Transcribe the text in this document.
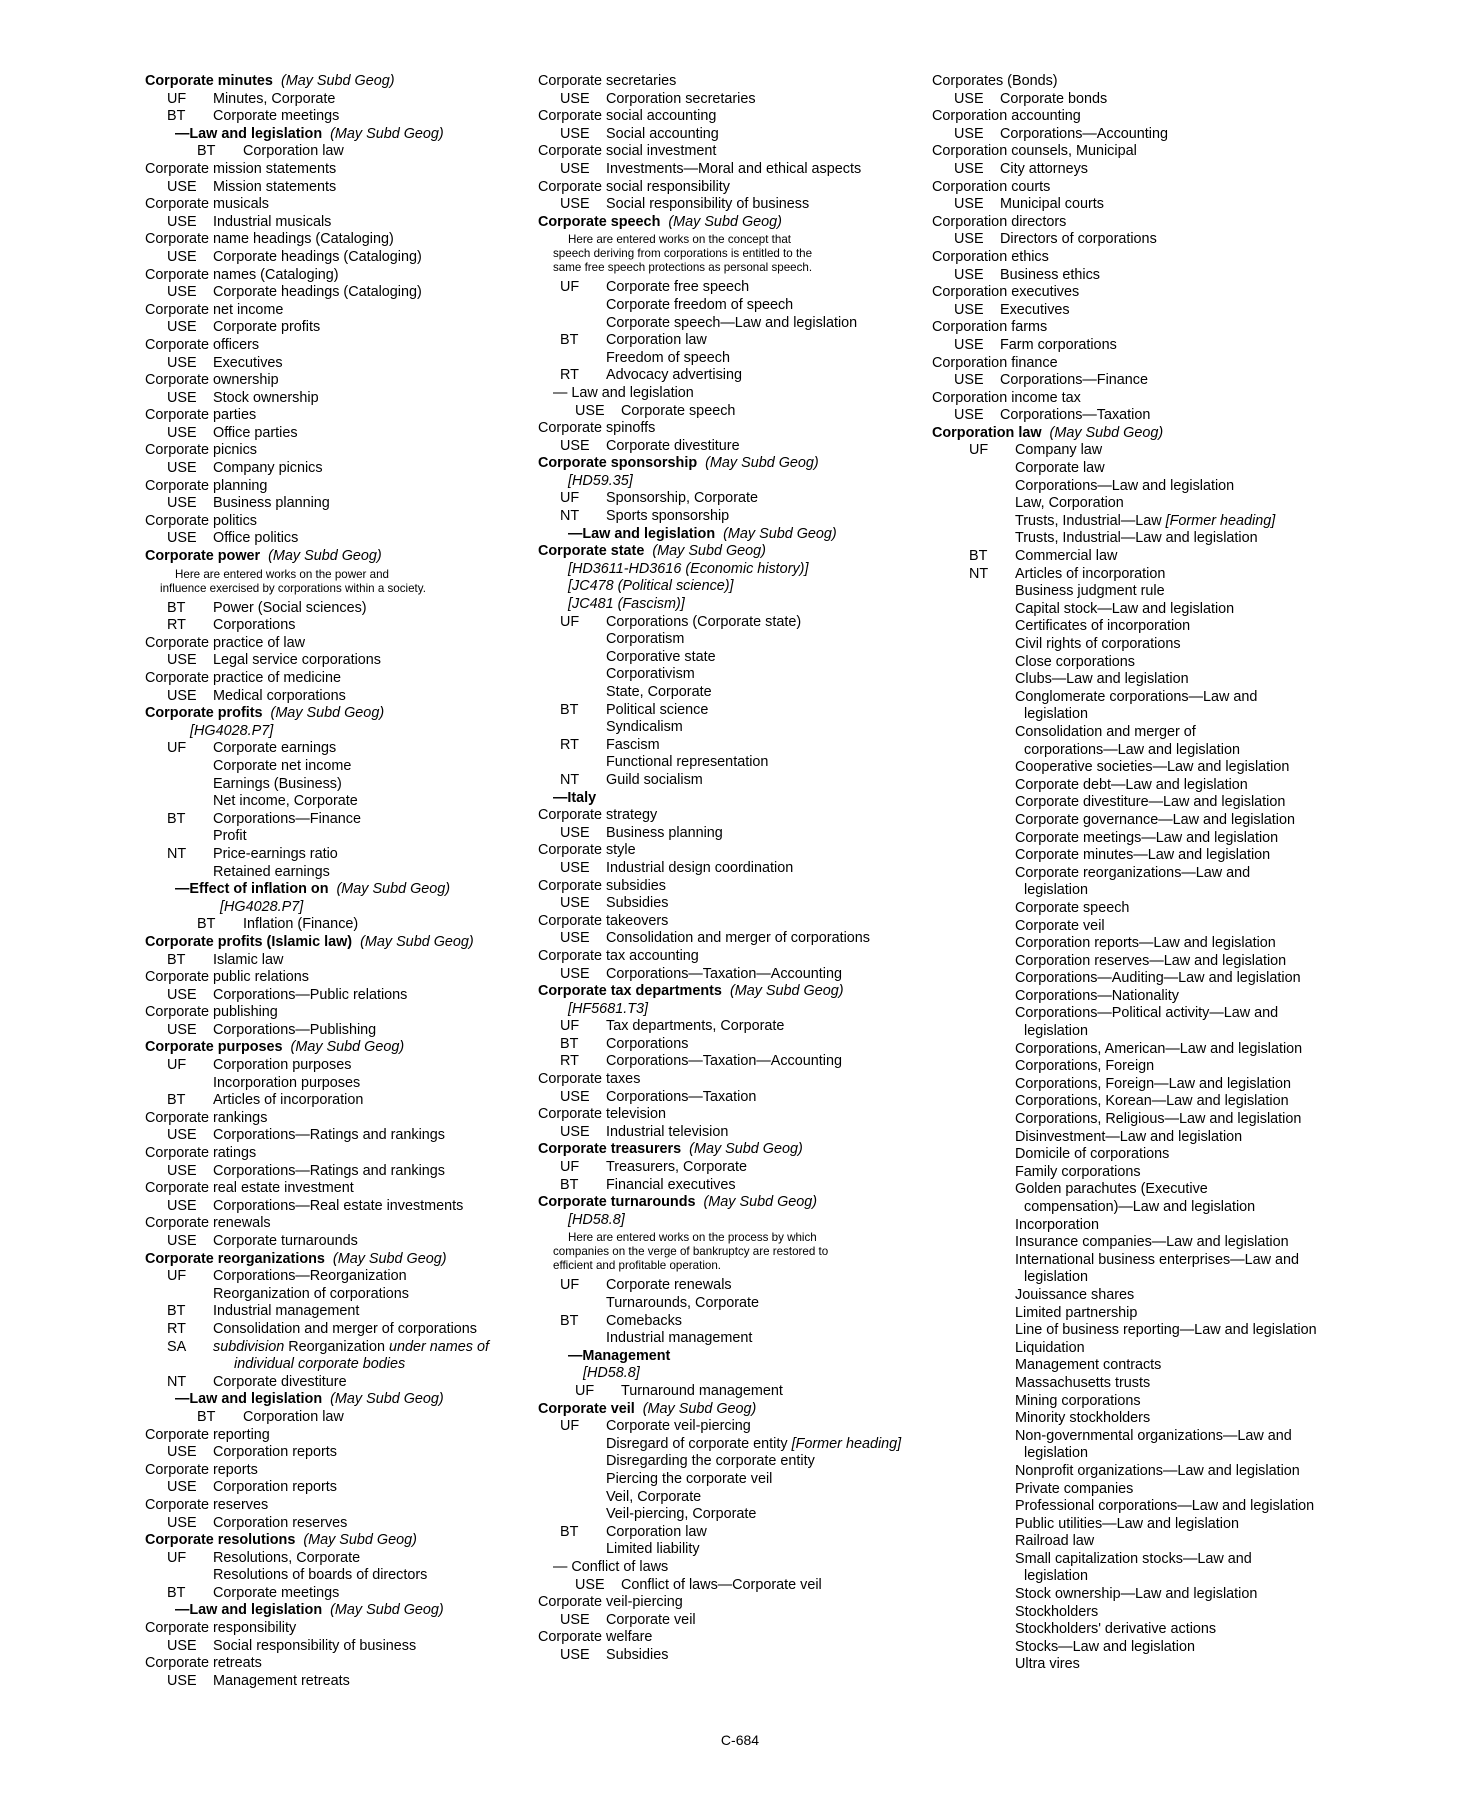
Corporate minutes (May Subd Geog)
UF Minutes, Corporate
BT Corporate meetings
—Law and legislation (May Subd Geog)
BT Corporation law
Corporate mission statements
USE Mission statements
Corporate musicals
USE Industrial musicals
Corporate name headings (Cataloging)
USE Corporate headings (Cataloging)
Corporate names (Cataloging)
USE Corporate headings (Cataloging)
Corporate net income
USE Corporate profits
Corporate officers
USE Executives
Corporate ownership
USE Stock ownership
Corporate parties
USE Office parties
Corporate picnics
USE Company picnics
Corporate planning
USE Business planning
Corporate politics
USE Office politics
Corporate power (May Subd Geog)
Here are entered works on the power and
influence exercised by corporations within a society.
BT Power (Social sciences)
RT Corporations
Corporate practice of law
USE Legal service corporations
Corporate practice of medicine
USE Medical corporations
Corporate profits (May Subd Geog)
[HG4028.P7]
UF Corporate earnings
Corporate net income
Earnings (Business)
Net income, Corporate
BT Corporations—Finance
Profit
NT Price-earnings ratio
Retained earnings
—Effect of inflation on (May Subd Geog)
[HG4028.P7]
BT Inflation (Finance)
Corporate profits (Islamic law) (May Subd Geog)
BT Islamic law
Corporate public relations
USE Corporations—Public relations
Corporate publishing
USE Corporations—Publishing
Corporate purposes (May Subd Geog)
UF Corporation purposes
Incorporation purposes
BT Articles of incorporation
Corporate rankings
USE Corporations—Ratings and rankings
Corporate ratings
USE Corporations—Ratings and rankings
Corporate real estate investment
USE Corporations—Real estate investments
Corporate renewals
USE Corporate turnarounds
Corporate reorganizations (May Subd Geog)
UF Corporations—Reorganization
Reorganization of corporations
BT Industrial management
RT Consolidation and merger of corporations
SA subdivision Reorganization under names of
individual corporate bodies
NT Corporate divestiture
—Law and legislation (May Subd Geog)
BT Corporation law
Corporate reporting
USE Corporation reports
Corporate reports
USE Corporation reports
Corporate reserves
USE Corporation reserves
Corporate resolutions (May Subd Geog)
UF Resolutions, Corporate
Resolutions of boards of directors
BT Corporate meetings
—Law and legislation (May Subd Geog)
Corporate responsibility
USE Social responsibility of business
Corporate retreats
USE Management retreats
Corporate secretaries
USE Corporation secretaries
Corporate social accounting
USE Social accounting
Corporate social investment
USE Investments—Moral and ethical aspects
Corporate social responsibility
USE Social responsibility of business
Corporate speech (May Subd Geog)
Here are entered works on the concept that
speech deriving from corporations is entitled to the
same free speech protections as personal speech.
UF Corporate free speech
Corporate freedom of speech
Corporate speech—Law and legislation
BT Corporation law
Freedom of speech
RT Advocacy advertising
— Law and legislation
USE Corporate speech
Corporate spinoffs
USE Corporate divestiture
Corporate sponsorship (May Subd Geog)
[HD59.35]
UF Sponsorship, Corporate
NT Sports sponsorship
—Law and legislation (May Subd Geog)
Corporate state (May Subd Geog)
[HD3611-HD3616 (Economic history)]
[JC478 (Political science)]
[JC481 (Fascism)]
UF Corporations (Corporate state)
Corporatism
Corporative state
Corporativism
State, Corporate
BT Political science
Syndicalism
RT Fascism
Functional representation
NT Guild socialism
—Italy
Corporate strategy
USE Business planning
Corporate style
USE Industrial design coordination
Corporate subsidies
USE Subsidies
Corporate takeovers
USE Consolidation and merger of corporations
Corporate tax accounting
USE Corporations—Taxation—Accounting
Corporate tax departments (May Subd Geog)
[HF5681.T3]
UF Tax departments, Corporate
BT Corporations
RT Corporations—Taxation—Accounting
Corporate taxes
USE Corporations—Taxation
Corporate television
USE Industrial television
Corporate treasurers (May Subd Geog)
UF Treasurers, Corporate
BT Financial executives
Corporate turnarounds (May Subd Geog)
[HD58.8]
Here are entered works on the process by which
companies on the verge of bankruptcy are restored to
efficient and profitable operation.
UF Corporate renewals
Turnarounds, Corporate
BT Comebacks
Industrial management
—Management
[HD58.8]
UF Turnaround management
Corporate veil (May Subd Geog)
UF Corporate veil-piercing
Disregard of corporate entity [Former heading]
Disregarding the corporate entity
Piercing the corporate veil
Veil, Corporate
Veil-piercing, Corporate
BT Corporation law
Limited liability
— Conflict of laws
USE Conflict of laws—Corporate veil
Corporate veil-piercing
USE Corporate veil
Corporate welfare
USE Subsidies
Corporates (Bonds)
USE Corporate bonds
Corporation accounting
USE Corporations—Accounting
Corporation counsels, Municipal
USE City attorneys
Corporation courts
USE Municipal courts
Corporation directors
USE Directors of corporations
Corporation ethics
USE Business ethics
Corporation executives
USE Executives
Corporation farms
USE Farm corporations
Corporation finance
USE Corporations—Finance
Corporation income tax
USE Corporations—Taxation
Corporation law (May Subd Geog)
UF Company law
Corporate law
Corporations—Law and legislation
Law, Corporation
Trusts, Industrial—Law [Former heading]
Trusts, Industrial—Law and legislation
BT Commercial law
NT Articles of incorporation
Business judgment rule
Capital stock—Law and legislation
Certificates of incorporation
Civil rights of corporations
Close corporations
Clubs—Law and legislation
Conglomerate corporations—Law and
legislation
Consolidation and merger of
corporations—Law and legislation
Cooperative societies—Law and legislation
Corporate debt—Law and legislation
Corporate divestiture—Law and legislation
Corporate governance—Law and legislation
Corporate meetings—Law and legislation
Corporate minutes—Law and legislation
Corporate reorganizations—Law and
legislation
Corporate speech
Corporate veil
Corporation reports—Law and legislation
Corporation reserves—Law and legislation
Corporations—Auditing—Law and legislation
Corporations—Nationality
Corporations—Political activity—Law and
legislation
Corporations, American—Law and legislation
Corporations, Foreign
Corporations, Foreign—Law and legislation
Corporations, Korean—Law and legislation
Corporations, Religious—Law and legislation
Disinvestment—Law and legislation
Domicile of corporations
Family corporations
Golden parachutes (Executive
compensation)—Law and legislation
Incorporation
Insurance companies—Law and legislation
International business enterprises—Law and
legislation
Jouissance shares
Limited partnership
Line of business reporting—Law and legislation
Liquidation
Management contracts
Massachusetts trusts
Mining corporations
Minority stockholders
Non-governmental organizations—Law and
legislation
Nonprofit organizations—Law and legislation
Private companies
Professional corporations—Law and legislation
Public utilities—Law and legislation
Railroad law
Small capitalization stocks—Law and
legislation
Stock ownership—Law and legislation
Stockholders
Stockholders' derivative actions
Stocks—Law and legislation
Ultra vires
C-684
